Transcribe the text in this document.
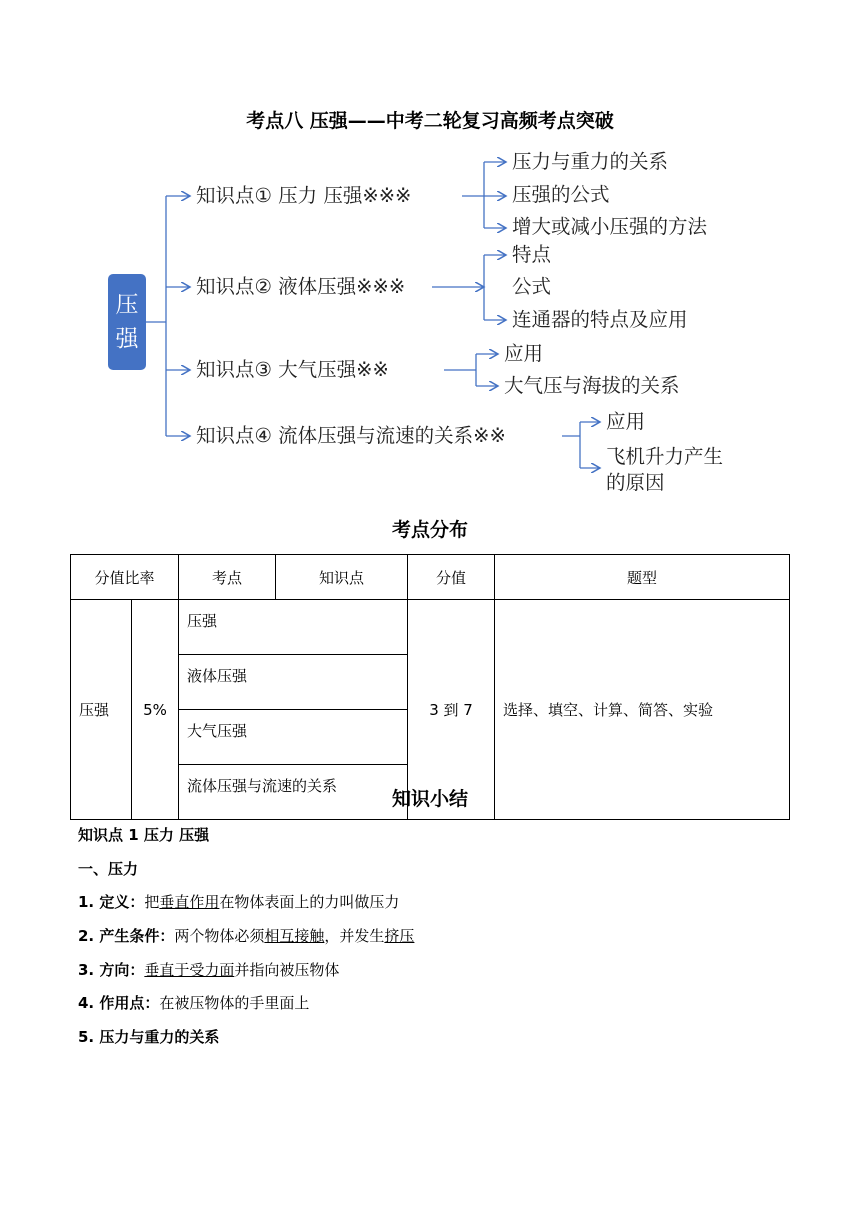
考点八 压强——中考二轮复习高频考点突破
压
强
知识点① 压力 压强※※※
压力与重力的关系
压强的公式
增大或减小压强的方法
知识点② 液体压强※※※
特点
公式
连通器的特点及应用
知识点③ 大气压强※※
应用
大气压与海拔的关系
知识点④ 流体压强与流速的关系※※
应用
飞机升力产生
的原因
考点分布
分值比率		考点	知识点	分值	题型
压强	5%	压强		3 到 7	选择、填空、计算、简答、实验
		液体压强			
		大气压强			
		流体压强与流速的关系			
知识小结
知识点 1 压力 压强
一、压力
1. 定义：把垂直作用在物体表面上的力叫做压力
2. 产生条件：两个物体必须相互接触，并发生挤压
3. 方向：垂直于受力面并指向被压物体
4. 作用点：在被压物体的手里面上
5. 压力与重力的关系
